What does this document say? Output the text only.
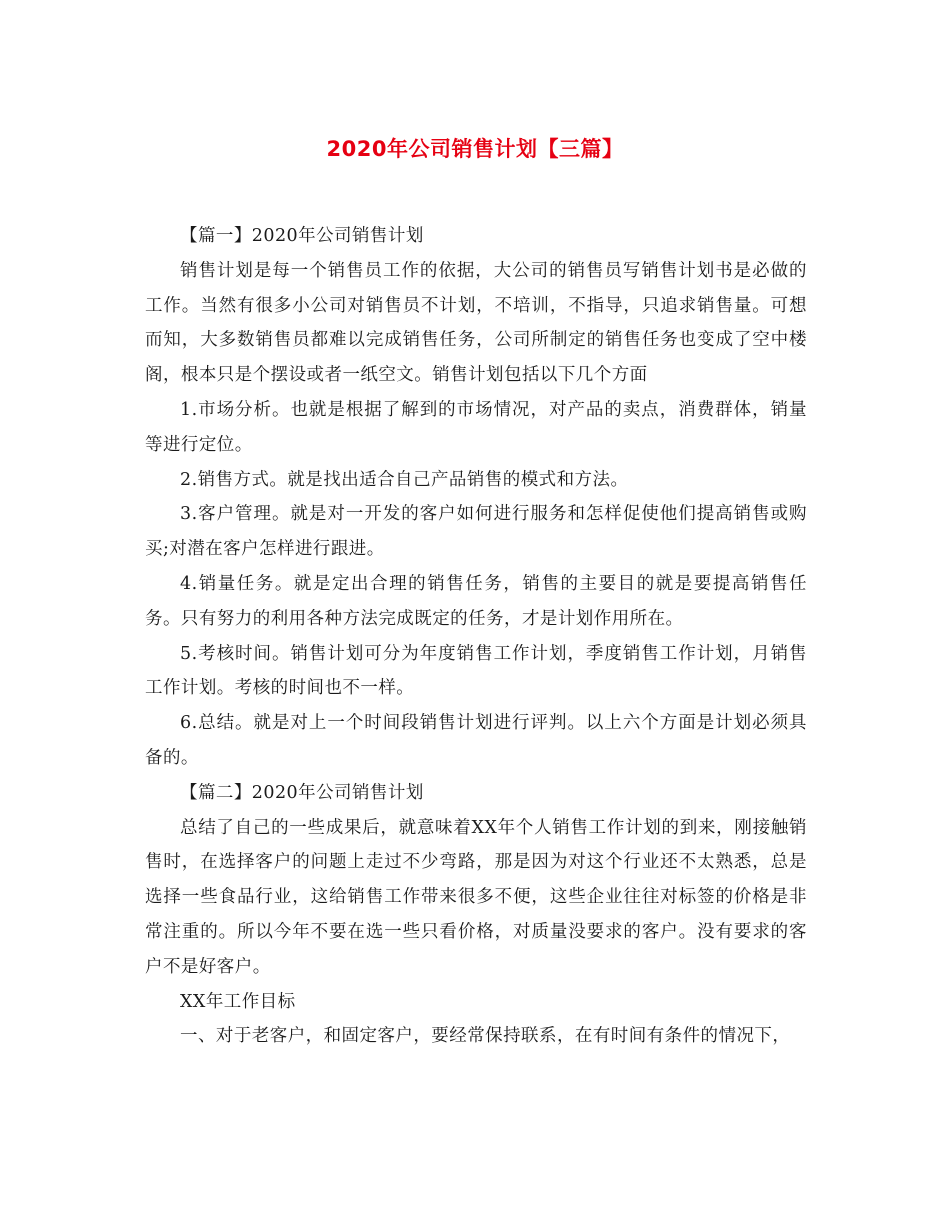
2020年公司销售计划【三篇】

【篇一】2020年公司销售计划

销售计划是每一个销售员工作的依据，大公司的销售员写销售计划书是必做的工作。当然有很多小公司对销售员不计划，不培训，不指导，只追求销售量。可想而知，大多数销售员都难以完成销售任务，公司所制定的销售任务也变成了空中楼阁，根本只是个摆设或者一纸空文。销售计划包括以下几个方面

1.市场分析。也就是根据了解到的市场情况，对产品的卖点，消费群体，销量等进行定位。

2.销售方式。就是找出适合自己产品销售的模式和方法。

3.客户管理。就是对一开发的客户如何进行服务和怎样促使他们提高销售或购买;对潜在客户怎样进行跟进。

4.销量任务。就是定出合理的销售任务，销售的主要目的就是要提高销售任务。只有努力的利用各种方法完成既定的任务，才是计划作用所在。

5.考核时间。销售计划可分为年度销售工作计划，季度销售工作计划，月销售工作计划。考核的时间也不一样。

6.总结。就是对上一个时间段销售计划进行评判。以上六个方面是计划必须具备的。

【篇二】2020年公司销售计划

总结了自己的一些成果后，就意味着XX年个人销售工作计划的到来，刚接触销售时，在选择客户的问题上走过不少弯路，那是因为对这个行业还不太熟悉，总是选择一些食品行业，这给销售工作带来很多不便，这些企业往往对标签的价格是非常注重的。所以今年不要在选一些只看价格，对质量没要求的客户。没有要求的客户不是好客户。

XX年工作目标

一、对于老客户，和固定客户，要经常保持联系，在有时间有条件的情况下，
